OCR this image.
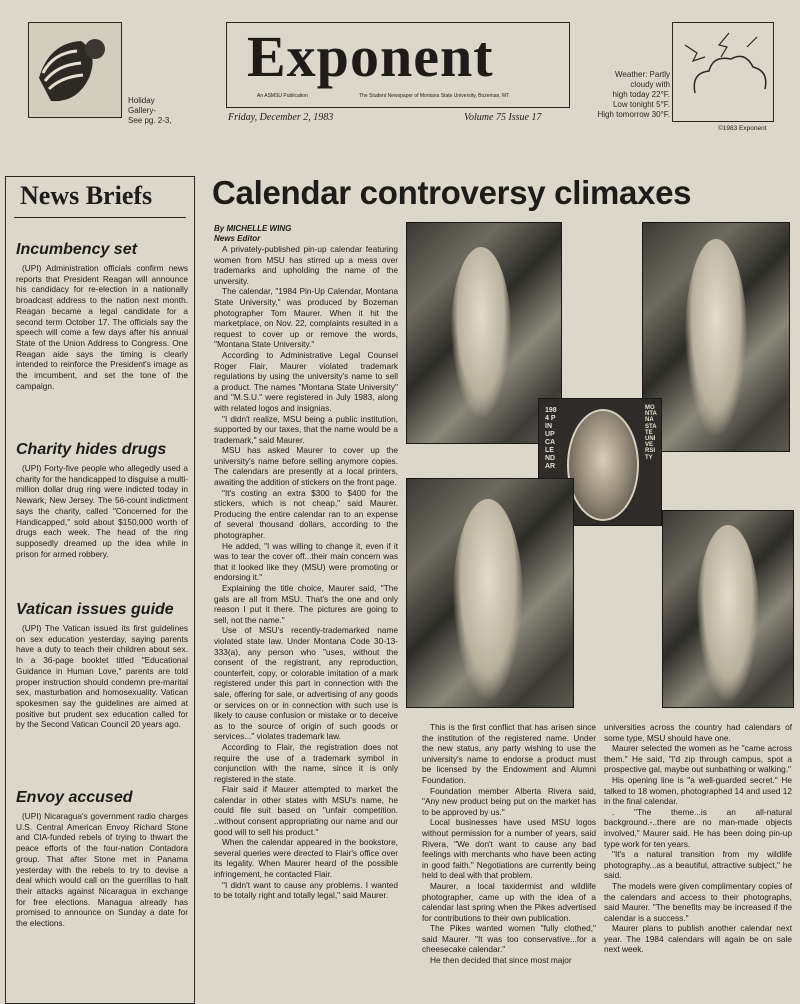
Holiday
Gallery-
See pg. 2-3,
Exponent
An ASMSU Publication	The Student Newspaper of Montana State University, Bozeman, MT
Friday, December 2, 1983	Volume 75 Issue 17
Weather: Partly
cloudy with
high today 22°F.
Low tonight 5°F.
High tomorrow 30°F.
©1983 Exponent
News Briefs
Incumbency set
(UPI) Administration officials confirm news reports that President Reagan will announce his candidacy for re-election in a nationally broadcast address to the nation next month. Reagan became a legal candidate for a second term October 17. The officials say the speech will come a few days after his annual State of the Union Address to Congress. One Reagan aide says the timing is clearly intended to reinforce the President's image as the imcumbent, and set the tone of the campaign.
Charity hides drugs
(UPI) Forty-five people who allegedly used a charity for the handicapped to disguise a multi-million dollar drug ring were indicted today in Newark, New Jersey. The 56-count indictment says the charity, called "Concerned for the Handicapped," sold about $150,000 worth of drugs each week. The head of the ring supposedly dreamed up the idea while in prison for armed robbery.
Vatican issues guide
(UPI) The Vatican issued its first guidelines on sex education yesterday, saying parents have a duty to teach their children about sex. In a 36-page booklet titled "Educational Guidance in Human Love," parents are told proper instruction should condemn pre-marital sex, masturbation and homosexuality. Vatican spokesmen say the guidelines are aimed at positive but prudent sex education called for by the Second Vatican Council 20 years ago.
Envoy accused
(UPI) Nicaragua's government radio charges U.S. Central American Envoy Richard Stone and CIA-funded rebels of trying to thwart the peace efforts of the four-nation Contadora group. That after Stone met in Panama yesterday with the rebels to try to devise a deal which would call on the guerrillas to halt their attacks against Nicaragua in exchange for free elections. Managua already has promised to announce on Sunday a date for the elections.
Calendar controversy climaxes
By MICHELLE WING
News Editor

A privately-published pin-up calendar featuring women from MSU has stirred up a mess over trademarks and upholding the name of the unversity.

The calendar, "1984 Pin-Up Calendar, Montana State University," was produced by Bozeman photographer Tom Maurer. When it hit the marketplace, on Nov. 22, complaints resulted in a request to cover up or remove the words, "Montana State University."

According to Administrative Legal Counsel Roger Flair, Maurer violated trademark regulations by using the university's name to sell a product. The names "Montana State University" and "M.S.U." were registered in July 1983, along with related logos and insignias.

"I didn't realize, MSU being a public institution, supported by our taxes, that the name would be a trademark," said Maurer.

MSU has asked Maurer to cover up the university's name before selling anymore copies. The calendars are presently at a local printers, awaiting the addition of stickers on the front page.

"It's costing an extra $300 to $400 for the stickers, which is not cheap," said Maurer. Producing the entire calendar ran to an expense of several thousand dollars, according to the photographer.

He added, "I was willing to change it, even if it was to tear the cover off...their main concern was that it looked like they (MSU) were promoting or endorsing it."

Explaining the title choice, Maurer said, "The gals are all from MSU. That's the one and only reason I put it there. The pictures are going to sell, not the name."

Use of MSU's recently-trademarked name violated state law. Under Montana Code 30-13-333(a), any person who "uses, without the consent of the registrant, any reproduction, counterfeit, copy, or colorable imitation of a mark registered under this part in connection with the sale, offering for sale, or advertising of any goods or services on or in connection with such use is likely to cause confusion or mistake or to deceive as to the source of origin of such goods or services..." violates trademark law.

According to Flair, the registration does not require the use of a trademark symbol in conjunction with the name, since it is only registered in the state.

Flair said if Maurer attempted to market the calendar in other states with MSU's name, he could file suit based on "unfair competition. ..without consent appropriating our name and our good will to sell his product."

When the calendar appeared in the bookstore, several queries were directed to Flair's office over its legality. When Maurer heard of the possible infringement, he contacted Flair.

"I didn't want to cause any problems. I wanted to be totally right and totally legal," said Maurer.

1984 PINUP CALENDAR
MONTANA STATE UNIVERSITY

This is the first conflict that has arisen since the institution of the registered name. Under the new status, any party wishing to use the university's name to endorse a product must be licensed by the Endowment and Alumni Foundation.

Foundation member Alberta Rivera said, "Any new product being put on the market has to be approved by us."

Local businesses have used MSU logos without permission for a number of years, said Rivera, "We don't want to cause any bad feelings with merchants who have been acting in good faith." Negotiations are currently being held to deal with that problem.

Maurer, a local taxidermist and wildlife photographer, came up with the idea of a calendar last spring when the Pikes advertised for contributions to their own publication.

The Pikes wanted women "fully clothed," said Maurer. "It was too conservative...for a cheesecake calendar."

He then decided that since most major

universities across the country had calendars of some type, MSU should have one.

Maurer selected the women as he "came across them." He said, "I'd zip through campus, spot a prospective gal, maybe out sunbathing or walking."

His opening line is "a well-guarded secret." He talked to 18 women, photographed 14 and used 12 in the final calendar.

. "The theme...is an all-natural background.-..there are no man-made objects involved," Maurer said. He has been doing pin-up type work for ten years.

"It's a natural transition from my wildlife photography...as a beautiful, attractive subject," he said.

The models were given complimentary copies of the calendars and access to their photographs, said Maurer. "The benefits may be increased if the calendar is a success."

Maurer plans to publish another calendar next year. The 1984 calendars will again be on sale next week.
